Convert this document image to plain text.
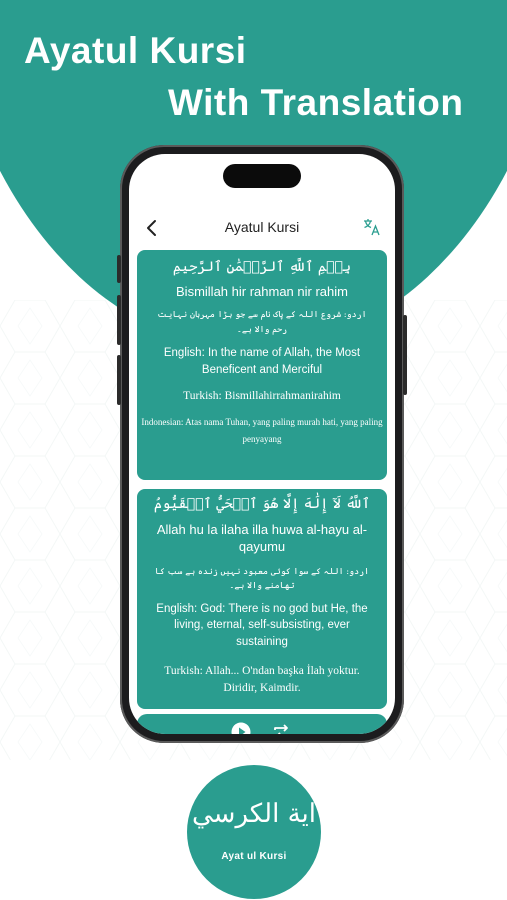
Ayatul Kursi
With Translation
Ayatul Kursi
بِسۡمِ ٱللَّهِ ٱلرَّحۡمَٰنِ ٱلرَّحِيمِ
Bismillah hir rahman nir rahim
اردو: شروع اللہ کے پاک نام سے جو بڑا مہربان نہایت رحم والا ہے۔
English: In the name of Allah, the Most Beneficent and Merciful
Turkish: Bismillahirrahmanirahim
Indonesian: Atas nama Tuhan, yang paling murah hati, yang paling penyayang
ٱللَّهُ لَآ إِلَٰهَ إِلَّا هُوَ ٱلۡحَيُّ ٱلۡقَيُّومُ
Allah hu la ilaha illa huwa al-hayu al-qayumu
اردو: اللہ کے سوا کوئی معبود نہیں زندہ ہے سب کا تھامنے والا ہے۔
English: God: There is no god but He, the living, eternal, self-subsisting, ever sustaining
Turkish: Allah... O'ndan başka İlah yoktur. Diridir, Kaimdir.
اية الكرسي
Ayat ul Kursi
